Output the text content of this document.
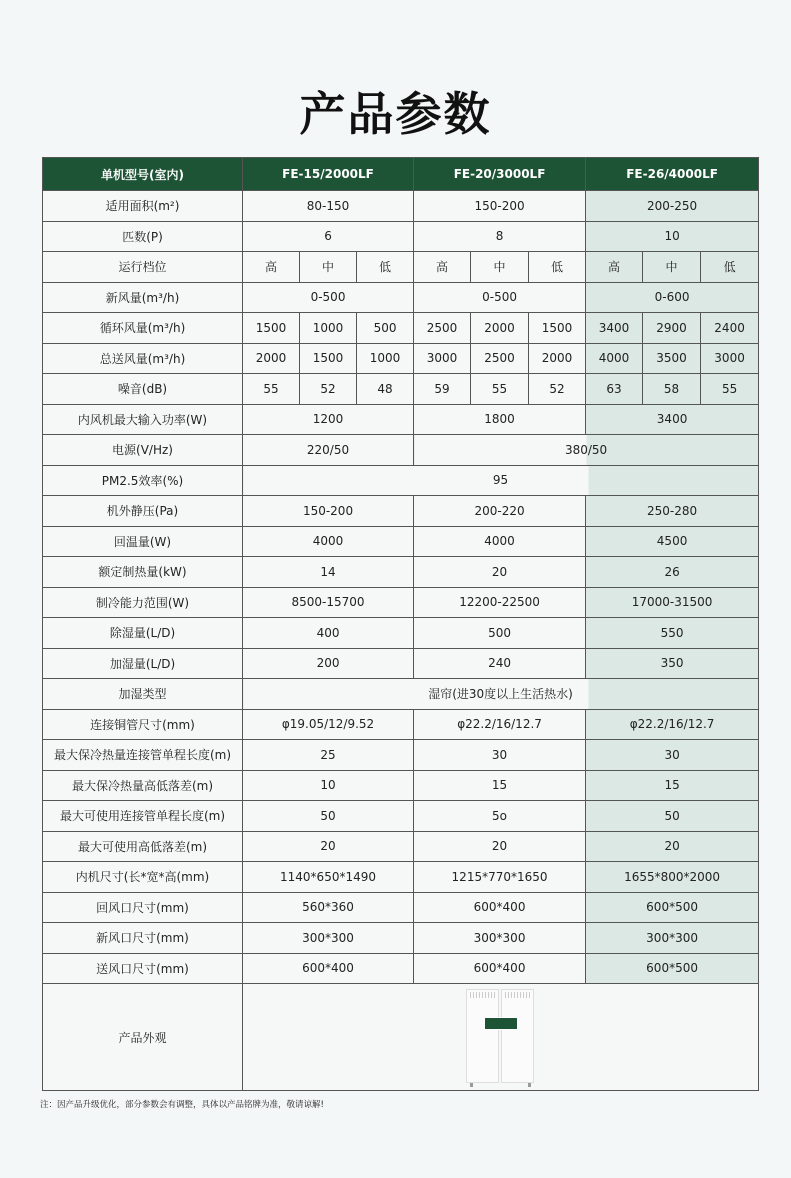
产品参数
单机型号(室内)	FE-15/2000LF			FE-20/3000LF			FE-26/4000LF		
适用面积(m²)	80-150			150-200			200-250		
匹数(P)	6			8			10		
运行档位	高	中	低	高	中	低	高	中	低
新风量(m³/h)	0-500			0-500			0-600		
循环风量(m³/h)	1500	1000	500	2500	2000	1500	3400	2900	2400
总送风量(m³/h)	2000	1500	1000	3000	2500	2000	4000	3500	3000
噪音(dB)	55	52	48	59	55	52	63	58	55
内风机最大输入功率(W)	1200			1800			3400		
电源(V/Hz)	220/50			380/50					
PM2.5效率(%)	95								
机外静压(Pa)	150-200			200-220			250-280		
回温量(W)	4000			4000			4500		
额定制热量(kW)	14			20			26		
制冷能力范围(W)	8500-15700			12200-22500			17000-31500		
除湿量(L/D)	400			500			550		
加湿量(L/D)	200			240			350		
加湿类型	湿帘(进30度以上生活热水)								
连接铜管尺寸(mm)	φ19.05/12/9.52			φ22.2/16/12.7			φ22.2/16/12.7		
最大保冷热量连接管单程长度(m)	25			30			30		
最大保冷热量高低落差(m)	10			15			15		
最大可使用连接管单程长度(m)	50			5o			50		
最大可使用高低落差(m)	20			20			20		
内机尺寸(长*宽*高(mm)	1140*650*1490			1215*770*1650			1655*800*2000		
回风口尺寸(mm)	560*360			600*400			600*500		
新风口尺寸(mm)	300*300			300*300			300*300		
送风口尺寸(mm)	600*400			600*400			600*500		
产品外观									
注：因产品升级优化，部分参数会有调整，具体以产品铭牌为准，敬请谅解!
